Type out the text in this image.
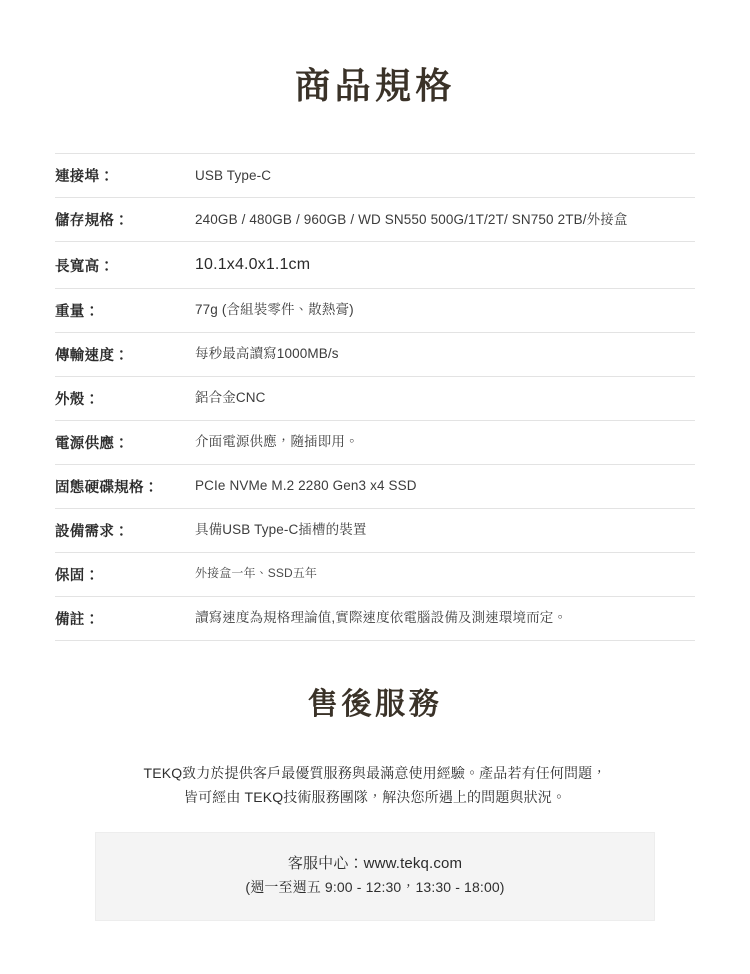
商品規格
連接埠：	USB Type-C
儲存規格：	240GB / 480GB / 960GB / WD SN550 500G/1T/2T/ SN750 2TB/外接盒
長寬高：	10.1x4.0x1.1cm
重量：	77g (含組裝零件、散熱膏)
傳輸速度：	每秒最高讀寫1000MB/s
外殼：	鋁合金CNC
電源供應：	介面電源供應，隨插即用。
固態硬碟規格：	PCIe NVMe M.2 2280 Gen3 x4 SSD
設備需求：	具備USB Type-C插槽的裝置
保固：	外接盒一年、SSD五年
備註：	讀寫速度為規格理論值,實際速度依電腦設備及測速環境而定。
售後服務

TEKQ致力於提供客戶最優質服務與最滿意使用經驗。產品若有任何問題，

皆可經由 TEKQ技術服務團隊，解決您所遇上的問題與狀況。

客服中心：www.tekq.com
(週一至週五 9:00 - 12:30，13:30 - 18:00)
